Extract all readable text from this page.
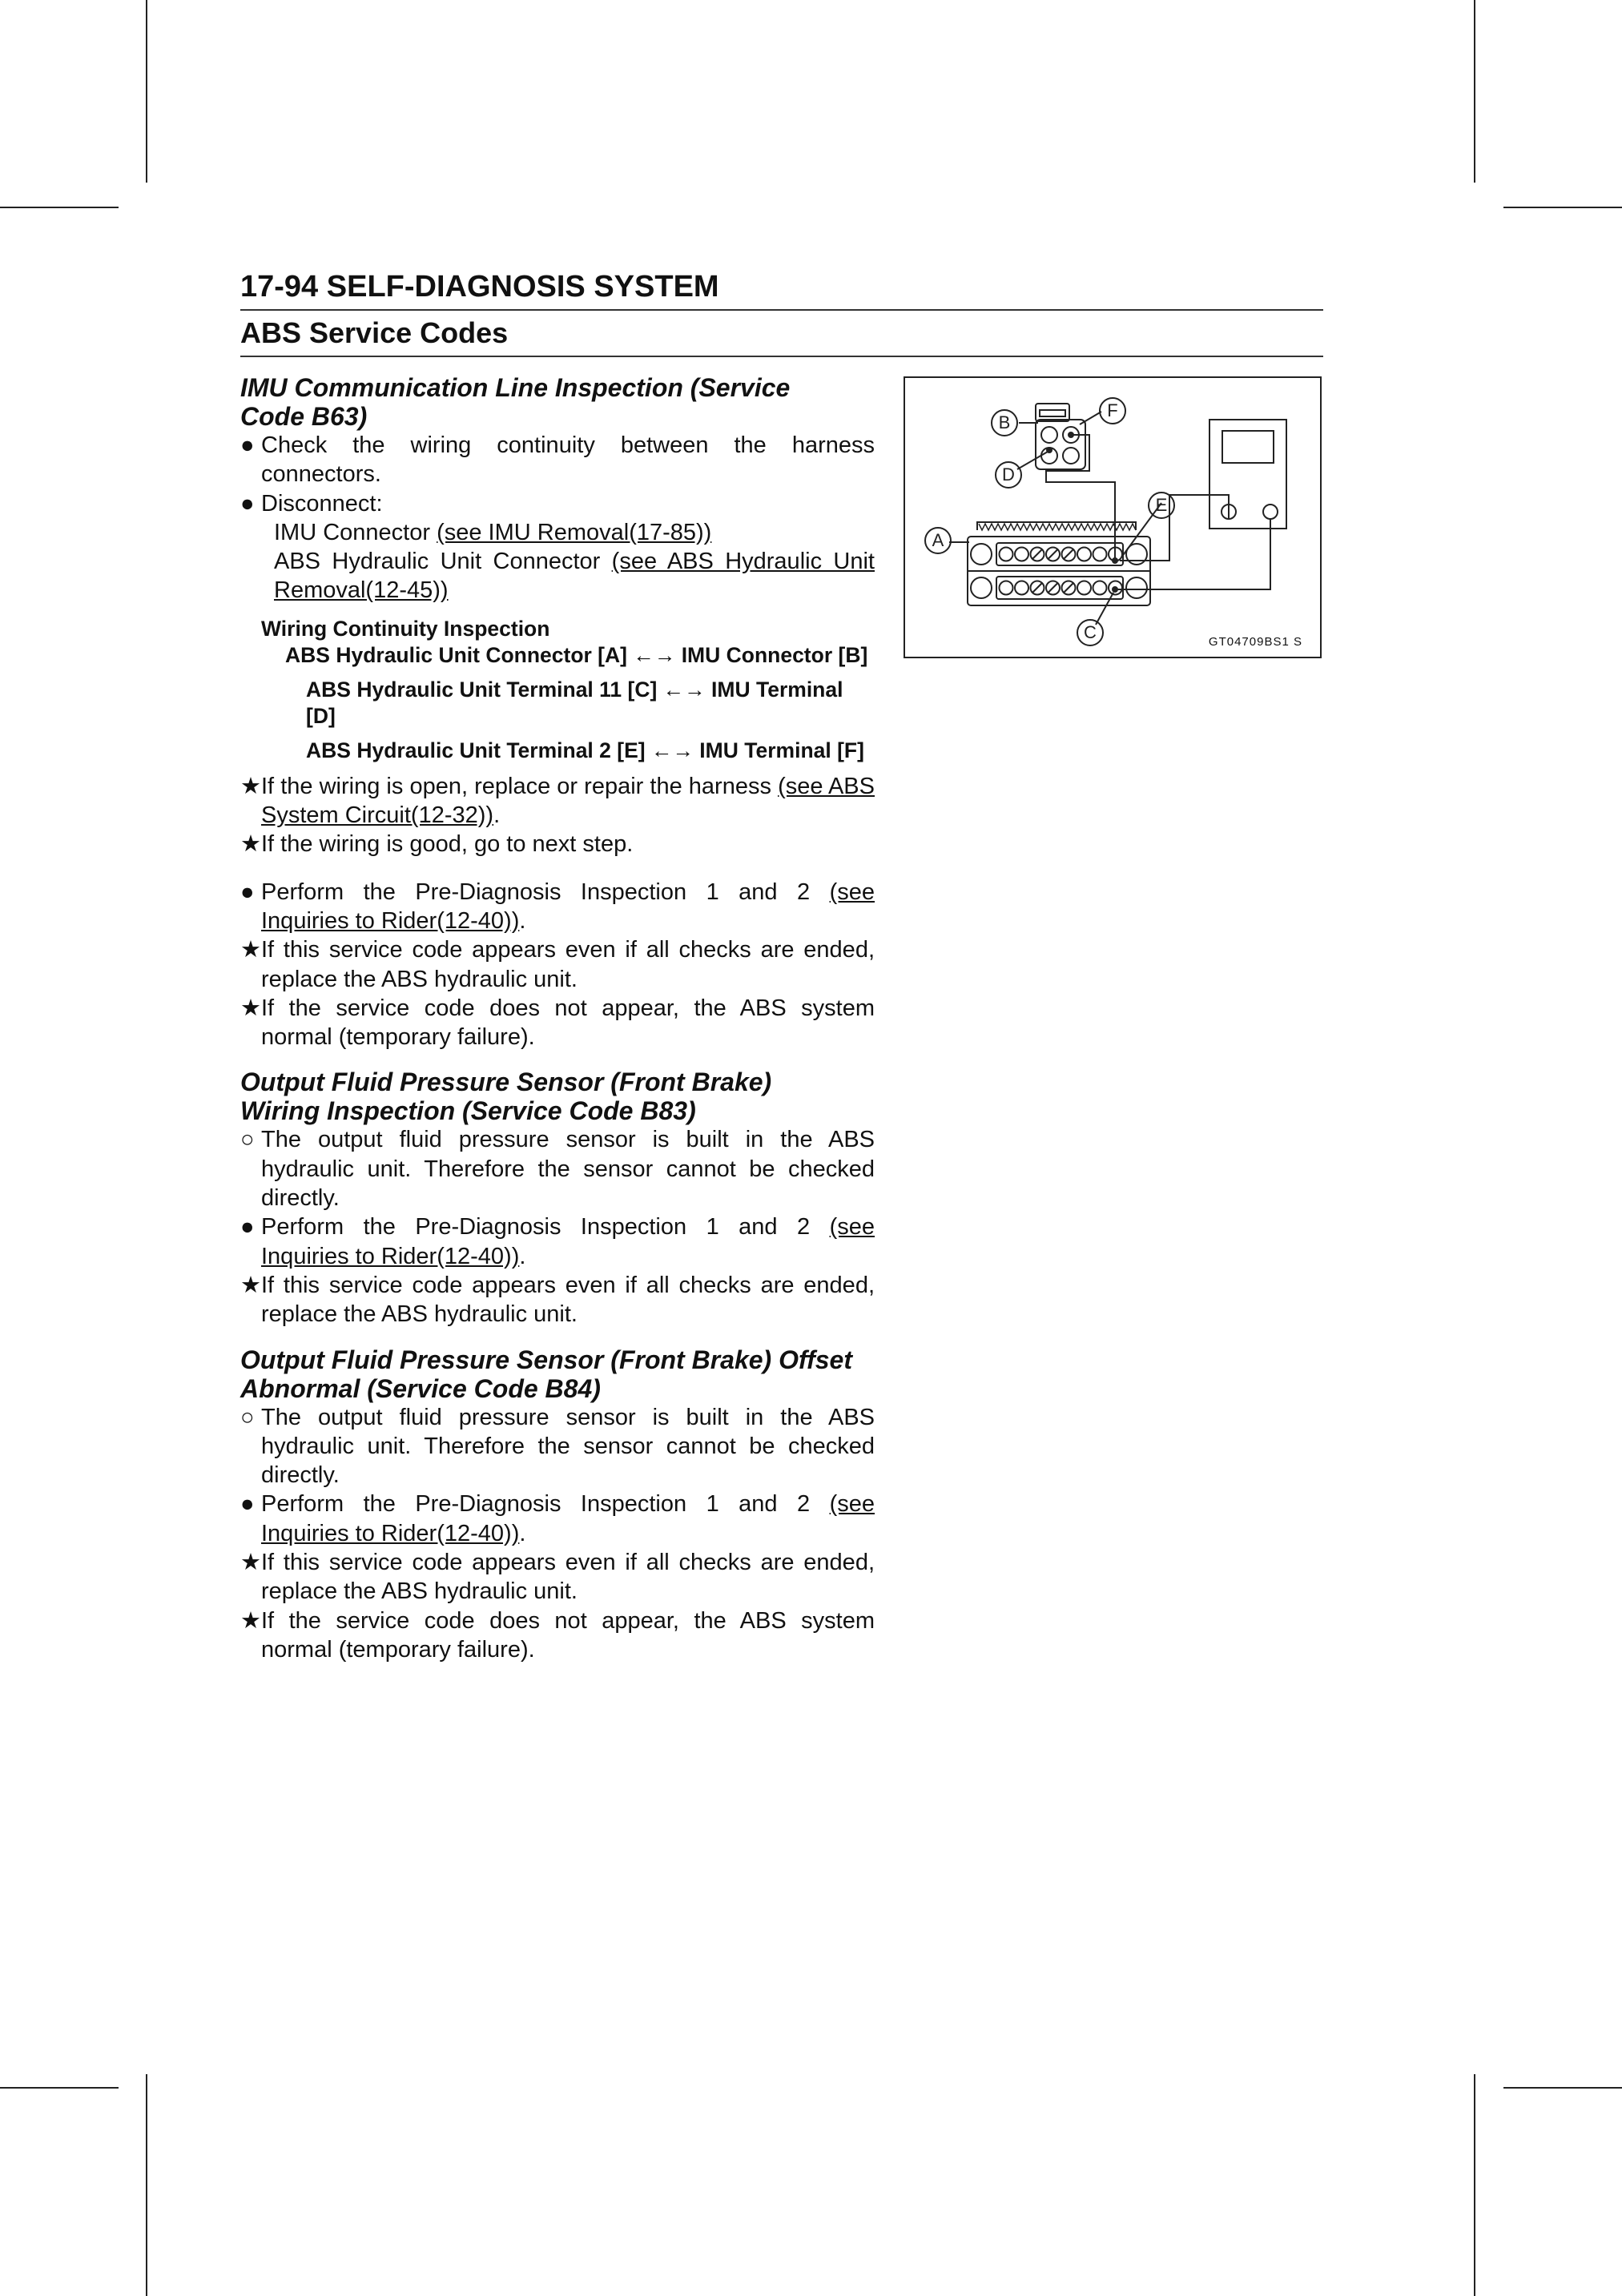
17-94 SELF-DIAGNOSIS SYSTEM
ABS Service Codes
IMU Communication Line Inspection (Service
Code B63)
● Check the wiring continuity between the harness connectors.
● Disconnect:
IMU Connector (see IMU Removal(17-85))
ABS Hydraulic Unit Connector (see ABS Hydraulic Unit Removal(12-45))
Wiring Continuity Inspection
ABS Hydraulic Unit Connector [A] ←→ IMU Connector [B]
ABS Hydraulic Unit Terminal 11 [C] ←→ IMU Terminal [D]
ABS Hydraulic Unit Terminal 2 [E] ←→ IMU Terminal [F]
★ If the wiring is open, replace or repair the harness (see ABS System Circuit(12-32)).
★ If the wiring is good, go to next step.
● Perform the Pre-Diagnosis Inspection 1 and 2 (see Inquiries to Rider(12-40)).
★ If this service code appears even if all checks are ended, replace the ABS hydraulic unit.
★ If the service code does not appear, the ABS system normal (temporary failure).
Output Fluid Pressure Sensor (Front Brake)
Wiring Inspection (Service Code B83)
○ The output fluid pressure sensor is built in the ABS hydraulic unit. Therefore the sensor cannot be checked directly.
● Perform the Pre-Diagnosis Inspection 1 and 2 (see Inquiries to Rider(12-40)).
★ If this service code appears even if all checks are ended, replace the ABS hydraulic unit.
Output Fluid Pressure Sensor (Front Brake) Offset
Abnormal (Service Code B84)
○ The output fluid pressure sensor is built in the ABS hydraulic unit. Therefore the sensor cannot be checked directly.
● Perform the Pre-Diagnosis Inspection 1 and 2 (see Inquiries to Rider(12-40)).
★ If this service code appears even if all checks are ended, replace the ABS hydraulic unit.
★ If the service code does not appear, the ABS system normal (temporary failure).
B
F
D
A
E
C	GT04709BS1 S
